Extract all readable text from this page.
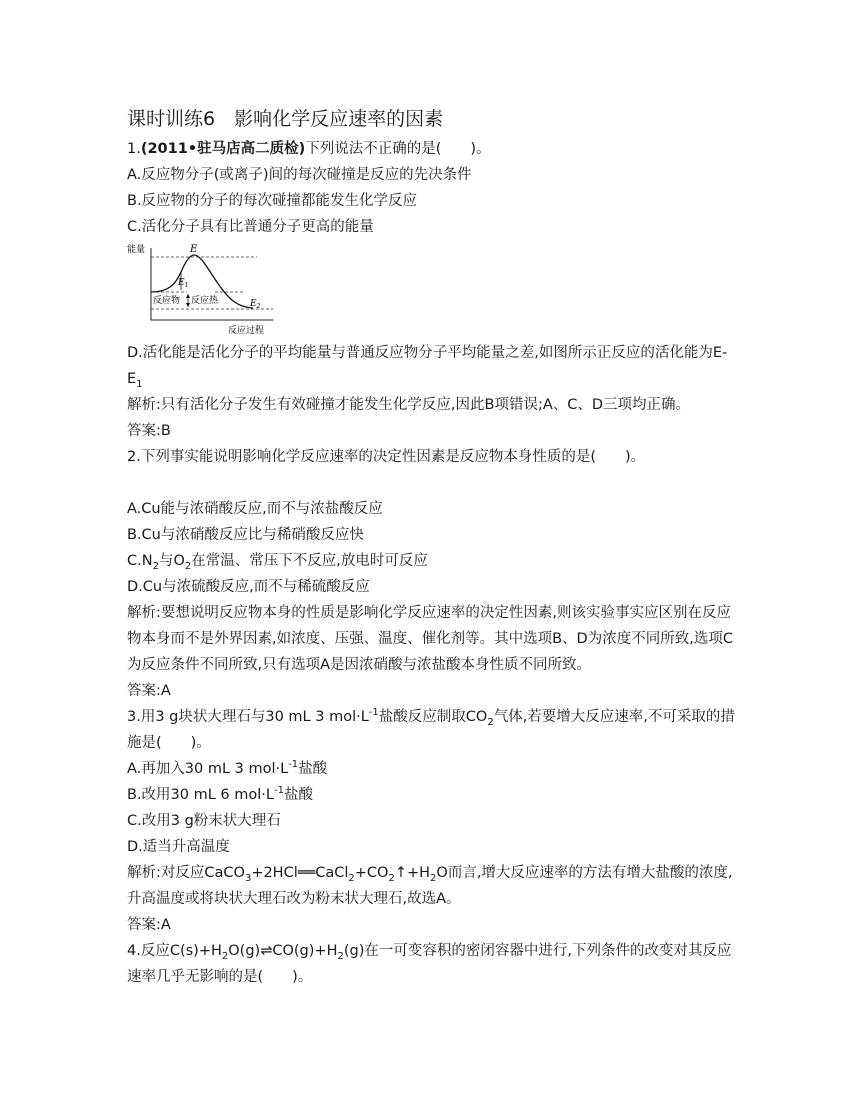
课时训练6　影响化学反应速率的因素
1.(2011•驻马店高二质检)下列说法不正确的是(　　)。
A.反应物分子(或离子)间的每次碰撞是反应的先决条件
B.反应物的分子的每次碰撞都能发生化学反应
C.活化分子具有比普通分子更高的能量
能量	E
$E_1$
反应物 反应热	$E_2$
反应过程
D.活化能是活化分子的平均能量与普通反应物分子平均能量之差,如图所示正反应的活化能为$E-E_1$
解析:只有活化分子发生有效碰撞才能发生化学反应,因此B项错误;A、C、D三项均正确。
答案:B
2.下列事实能说明影响化学反应速率的决定性因素是反应物本身性质的是(　　)。
A.Cu能与浓硝酸反应,而不与浓盐酸反应
B.Cu与浓硝酸反应比与稀硝酸反应快
$C.N_2$与$O_2$在常温、常压下不反应,放电时可反应
D.Cu与浓硫酸反应,而不与稀硫酸反应
解析:要想说明反应物本身的性质是影响化学反应速率的决定性因素,则该实验事实应区别在反应物本身而不是外界因素,如浓度、压强、温度、催化剂等。其中选项B、D为浓度不同所致,选项C为反应条件不同所致,只有选项A是因浓硝酸与浓盐酸本身性质不同所致。
答案:A
3.用3 g块状大理石与30 mL 3 $mol\cdot L^{-1}$盐酸反应制取$CO_2$气体,若要增大反应速率,不可采取的措施是(　　)。
A.再加入30 mL 3 $mol\cdot L^{-1}$盐酸
B.改用30 mL 6 $mol\cdot L^{-1}$盐酸
C.改用3 g粉末状大理石
D.适当升高温度
解析:对反应$CaCO_3+2HCl══CaCl_2+CO_2↑+H_2O$而言,增大反应速率的方法有增大盐酸的浓度,升高温度或将块状大理石改为粉末状大理石,故选A。
答案:A
4.反应$C(s)+H_2O(g)\rightleftharpoons CO(g)+H_2(g)$在一可变容积的密闭容器中进行,下列条件的改变对其反应速率几乎无影响的是(　　)。
